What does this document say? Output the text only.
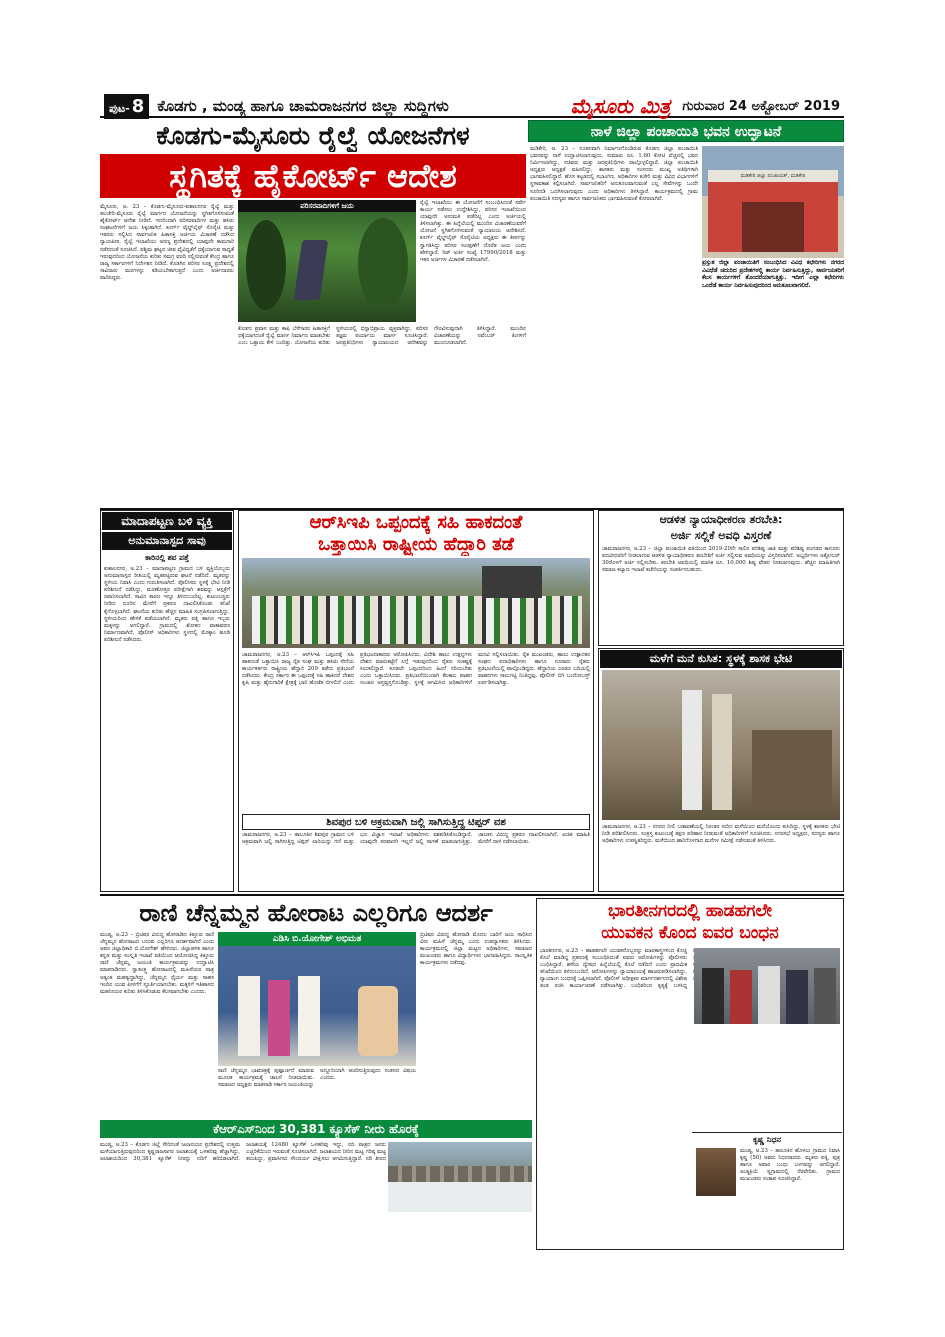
ಪುಟ- 8 ಕೊಡಗು , ಮಂಡ್ಯ ಹಾಗೂ ಚಾಮರಾಜನಗರ ಜಿಲ್ಲಾ ಸುದ್ದಿಗಳು	ಮೈಸೂರು ಮಿತ್ರ ಗುರುವಾರ 24 ಅಕ್ಟೋಬರ್ 2019
ಕೊಡಗು-ಮೈಸೂರು ರೈಲ್ವೆ ಯೋಜನೆಗಳ
ಸ್ಥಗಿತಕ್ಕೆ ಹೈಕೋರ್ಟ್ ಆದೇಶ
ಮೈಸೂರು, ಅ. 23 – ಕೊಡಗು-ಮೈಸೂರು-ಕುಶಾಲನಗರ ರೈಲ್ವೆ ಮತ್ತು ತಲಚೇರಿ-ಮೈಸೂರು ರೈಲ್ವೆ ಮಾರ್ಗದ ಯೋಜನೆಯನ್ನು ಸ್ಥಗಿತಗೊಳಿಸುವಂತೆ ಹೈಕೋರ್ಟ್ ಆದೇಶ ನೀಡಿದೆ. ಇದರಿಂದಾಗಿ ಪರಿಸರವಾದಿಗಳ ಮತ್ತು ಹಸಿರು ಸಂಘಟನೆಗಳಿಗೆ ಜಯ ಸಿಕ್ಕಂತಾಗಿದೆ. ಕೂರ್ಗ್ ವೈಲ್ಡ್‌ಲೈಫ್ ಸೊಸೈಟಿ ಮತ್ತು ಇತರರು ಸಲ್ಲಿಸಿದ ಸಾರ್ವಜನಿಕ ಹಿತಾಸಕ್ತಿ ಅರ್ಜಿಯ ವಿಚಾರಣೆ ನಡೆಸಿದ ನ್ಯಾಯಪೀಠ, ರೈಲ್ವೆ ಇಲಾಖೆಯು ಅರಣ್ಯ ಪ್ರದೇಶದಲ್ಲಿ ಯಾವುದೇ ಕಾಮಗಾರಿ ನಡೆಸದಂತೆ ಸೂಚಿಸಿದೆ. ಪಶ್ಚಿಮ ಘಟ್ಟದ ಜೀವ ವೈವಿಧ್ಯತೆಗೆ ಧಕ್ಕೆಯಾಗುವ ಸಾಧ್ಯತೆ ಇರುವುದರಿಂದ ಯೋಜನೆಯ ಕುರಿತು ಸಮಗ್ರ ವರದಿ ಸಲ್ಲಿಸುವಂತೆ ಕೇಂದ್ರ ಹಾಗೂ ರಾಜ್ಯ ಸರ್ಕಾರಗಳಿಗೆ ನಿರ್ದೇಶನ ನೀಡಿದೆ. ಕೊಡಗಿನ ಪರಿಸರ ಸೂಕ್ಷ್ಮ ಪ್ರದೇಶದಲ್ಲಿ ಸಾವಿರಾರು ಮರಗಳನ್ನು ಕಡಿಯಬೇಕಾಗುತ್ತದೆ ಎಂದು ಅರ್ಜಿದಾರರು ವಾದಿಸಿದ್ದರು.
ಪರಿಸರವಾದಿಗಳಿಗೆ ಜಯ	ರೈಲ್ವೆ ಇಲಾಖೆಯು ಈ ಯೋಜನೆಗೆ ಸಂಬಂಧಿಸಿದಂತೆ ಸರ್ವೇ ಕಾರ್ಯ ನಡೆಸಲು ಉದ್ದೇಶಿಸಿದ್ದು, ಪರಿಸರ ಇಲಾಖೆಯಿಂದ ಯಾವುದೇ ಅನುಮತಿ ಪಡೆದಿಲ್ಲ ಎಂದು ಅರ್ಜಿಯಲ್ಲಿ ತಿಳಿಸಲಾಗಿತ್ತು. ಈ ಹಿನ್ನೆಲೆಯಲ್ಲಿ ಮುಂದಿನ ವಿಚಾರಣೆಯವರೆಗೆ ಯೋಜನೆ ಸ್ಥಗಿತಗೊಳಿಸುವಂತೆ ನ್ಯಾಯಾಲಯ ಆದೇಶಿಸಿದೆ. ಕೂರ್ಗ್ ವೈಲ್ಡ್‌ಲೈಫ್ ಸೊಸೈಟಿಯ ಅಧ್ಯಕ್ಷರು ಈ ತೀರ್ಪನ್ನು ಸ್ವಾಗತಿಸಿದ್ದು ಪರಿಸರ ಸಂರಕ್ಷಣೆಗೆ ದೊರೆತ ಜಯ ಎಂದು ಹೇಳಿದ್ದಾರೆ. ರಿಟ್ ಅರ್ಜಿ ಸಂಖ್ಯೆ 17990/2018 ಮತ್ತು ಇತರ ಅರ್ಜಿಗಳ ವಿಚಾರಣೆ ನಡೆಸಲಾಗಿದೆ.
ಕೊಡಗು ಪ್ರವಾಸ ಮತ್ತು ಕಾಫಿ ಬೆಳೆಗಾರರ ಹಿತಾಸಕ್ತಿಗೆ ಧಕ್ಕೆಯಾಗದಂತೆ ರೈಲ್ವೆ ಮಾರ್ಗ ನಿರ್ಮಾಣ ಮಾಡಬೇಕು ಎಂಬ ಒತ್ತಾಯ ಕೇಳಿ ಬಂದಿತ್ತು. ಯೋಜನೆಯ ಕುರಿತು ಸ್ಥಳೀಯರಲ್ಲಿ ಭಿನ್ನಾಭಿಪ್ರಾಯ ವ್ಯಕ್ತವಾಗಿದ್ದು, ಪರಿಸರ ತಜ್ಞರು ಪರ್ಯಾಯ ಮಾರ್ಗ ಸೂಚಿಸಿದ್ದಾರೆ. ಜನಪ್ರತಿನಿಧಿಗಳು ನ್ಯಾಯಾಲಯದ ಆದೇಶವನ್ನು ಗೌರವಿಸುವುದಾಗಿ ತಿಳಿಸಿದ್ದಾರೆ. ಮುಂದಿನ ವಿಚಾರಣೆಯನ್ನು ನವೆಂಬರ್ ತಿಂಗಳಿಗೆ ಮುಂದೂಡಲಾಗಿದೆ.
ನಾಳೆ ಜಿಲ್ಲಾ ಪಂಚಾಯಿತಿ ಭವನ ಉದ್ಘಾಟನೆ
ಮಡಿಕೇರಿ, ಅ. 23 – ನೂತನವಾಗಿ ನಿರ್ಮಾಣಗೊಂಡಿರುವ ಕೊಡಗು ಜಿಲ್ಲಾ ಪಂಚಾಯಿತಿ ಭವನವನ್ನು ನಾಳೆ ಉದ್ಘಾಟಿಸಲಾಗುವುದು. ಸುಮಾರು ರೂ. 1.60 ಕೋಟಿ ವೆಚ್ಚದಲ್ಲಿ ಭವನ ನಿರ್ಮಿಸಲಾಗಿದ್ದು, ಸಚಿವರು ಮತ್ತು ಜನಪ್ರತಿನಿಧಿಗಳು ಪಾಲ್ಗೊಳ್ಳಲಿದ್ದಾರೆ. ಜಿಲ್ಲಾ ಪಂಚಾಯಿತಿ ಅಧ್ಯಕ್ಷರು ಅಧ್ಯಕ್ಷತೆ ವಹಿಸಲಿದ್ದು, ಶಾಸಕರು ಮತ್ತು ಸಂಸದರು ಮುಖ್ಯ ಅತಿಥಿಗಳಾಗಿ ಭಾಗವಹಿಸಲಿದ್ದಾರೆ. ಹೊಸ ಕಟ್ಟಡದಲ್ಲಿ ಸಭಾಂಗಣ, ಅಧಿಕಾರಿಗಳ ಕಚೇರಿ ಮತ್ತು ವಿವಿಧ ವಿಭಾಗಗಳಿಗೆ ಸ್ಥಳಾವಕಾಶ ಕಲ್ಪಿಸಲಾಗಿದೆ. ಸಾರ್ವಜನಿಕರಿಗೆ ಅನುಕೂಲವಾಗುವಂತೆ ಎಲ್ಲ ಸೇವೆಗಳನ್ನು ಒಂದೇ ಸೂರಿನಡಿ ಒದಗಿಸಲಾಗುವುದು ಎಂದು ಅಧಿಕಾರಿಗಳು ತಿಳಿಸಿದ್ದಾರೆ. ಕಾರ್ಯಕ್ರಮದಲ್ಲಿ ಗ್ರಾಮ ಪಂಚಾಯಿತಿ ಸದಸ್ಯರು ಹಾಗೂ ಸಾರ್ವಜನಿಕರು ಭಾಗವಹಿಸುವಂತೆ ಕೋರಲಾಗಿದೆ.
ಮಡಿಕೇರಿ ಜಿಲ್ಲಾ ಪಂಚಾಯತ್, ಮಡಿಕೇರಿ
ಪ್ರಸ್ತುತ ಜಿಲ್ಲಾ ಪಂಚಾಯಿತಿಗೆ ಸಂಬಂಧಿಸಿದ ವಿವಿಧ ಕಛೇರಿಗಳು ನಗರದ ವಿವಿಧೆಡೆ ಚದುರಿದ ಪ್ರದೇಶಗಳಲ್ಲಿ ಕಾರ್ಯ ನಿರ್ವಹಿಸುತ್ತಿದ್ದು, ಸಾರ್ವಜನಿಕರಿಗೆ ಕೆಲಸ ಕಾರ್ಯಗಳಿಗೆ ತೊಂದರೆಯಾಗುತ್ತಿತ್ತು. ಇದೀಗ ಎಲ್ಲಾ ಕಛೇರಿಗಳು ಒಂದೆಡೆ ಕಾರ್ಯ ನಿರ್ವಹಿಸುವುದರಿಂದ ಅನುಕೂಲವಾಗಲಿದೆ.
ಮಾದಾಪಟ್ಟಣ ಬಳಿ ವ್ಯಕ್ತಿ
ಅನುಮಾನಾಸ್ಪದ ಸಾವು
ಕಾರಿನಲ್ಲಿ ಶವ ಪತ್ತೆ
ಕುಶಾಲನಗರ, ಅ.23 – ಮಾದಾಪಟ್ಟಣ ಗ್ರಾಮದ ಬಳಿ ವ್ಯಕ್ತಿಯೊಬ್ಬರು ಅನುಮಾನಾಸ್ಪದ ರೀತಿಯಲ್ಲಿ ಮೃತಪಟ್ಟಿರುವ ಘಟನೆ ನಡೆದಿದೆ. ಮೃತರನ್ನು ಸ್ಥಳೀಯ ನಿವಾಸಿ ಎಂದು ಗುರುತಿಸಲಾಗಿದೆ. ಪೊಲೀಸರು ಸ್ಥಳಕ್ಕೆ ಭೇಟಿ ನೀಡಿ ಪರಿಶೀಲನೆ ನಡೆಸಿದ್ದು, ಮರಣೋತ್ತರ ಪರೀಕ್ಷೆಗಾಗಿ ಶವವನ್ನು ಆಸ್ಪತ್ರೆಗೆ ರವಾನಿಸಲಾಗಿದೆ. ಸಾವಿನ ಕಾರಣ ಇನ್ನೂ ತಿಳಿದುಬಂದಿಲ್ಲ. ಕುಟುಂಬಸ್ಥರು ನೀಡಿದ ದೂರಿನ ಮೇರೆಗೆ ಪ್ರಕರಣ ದಾಖಲಿಸಿಕೊಂಡು ತನಿಖೆ ಕೈಗೊಳ್ಳಲಾಗಿದೆ. ಘಟನೆಯ ಕುರಿತು ಹೆಚ್ಚಿನ ಮಾಹಿತಿ ಸಂಗ್ರಹಿಸಲಾಗುತ್ತಿದ್ದು, ಸ್ಥಳೀಯರಿಂದ ಹೇಳಿಕೆ ಪಡೆಯಲಾಗಿದೆ. ಮೃತರು ಪತ್ನಿ ಹಾಗೂ ಇಬ್ಬರು ಮಕ್ಕಳನ್ನು ಅಗಲಿದ್ದಾರೆ. ಗ್ರಾಮದಲ್ಲಿ ಶೋಕದ ವಾತಾವರಣ ನಿರ್ಮಾಣವಾಗಿದೆ. ಪೊಲೀಸ್ ಅಧಿಕಾರಿಗಳು ಸ್ಥಳದಲ್ಲಿ ಮೊಕ್ಕಾಂ ಹೂಡಿ ಪರಿಶೀಲನೆ ನಡೆಸಿದರು.
ಆರ್‌ಸಿಇಪಿ ಒಪ್ಪಂದಕ್ಕೆ ಸಹಿ ಹಾಕದಂತೆ
ಒತ್ತಾಯಿಸಿ ರಾಷ್ಟ್ರೀಯ ಹೆದ್ದಾರಿ ತಡೆ
ಚಾಮರಾಜನಗರ, ಅ.23 – ಆರ್‌ಸಿಇಪಿ ಒಪ್ಪಂದಕ್ಕೆ ಸಹಿ ಹಾಕದಂತೆ ಒತ್ತಾಯಿಸಿ ರಾಜ್ಯ ರೈತ ಸಂಘ ಮತ್ತು ಹಸಿರು ಸೇನೆಯ ಕಾರ್ಯಕರ್ತರು ರಾಷ್ಟ್ರೀಯ ಹೆದ್ದಾರಿ 209 ತಡೆದು ಪ್ರತಿಭಟನೆ ನಡೆಸಿದರು. ಕೇಂದ್ರ ಸರ್ಕಾರ ಈ ಒಪ್ಪಂದಕ್ಕೆ ಸಹಿ ಹಾಕಿದರೆ ದೇಶದ ಕೃಷಿ ಮತ್ತು ಹೈನುಗಾರಿಕೆ ಕ್ಷೇತ್ರಕ್ಕೆ ಭಾರಿ ಹೊಡೆತ ಬೀಳಲಿದೆ ಎಂದು ಪ್ರತಿಭಟನಾಕಾರರು ಆರೋಪಿಸಿದರು. ವಿದೇಶಿ ಹಾಲು ಉತ್ಪನ್ನಗಳು ದೇಶದ ಮಾರುಕಟ್ಟೆಗೆ ಲಗ್ಗೆ ಇಡುವುದರಿಂದ ರೈತರು ಸಂಕಷ್ಟಕ್ಕೆ ಸಿಲುಕಲಿದ್ದಾರೆ. ಕೂಡಲೇ ಒಪ್ಪಂದದಿಂದ ಹಿಂದೆ ಸರಿಯಬೇಕು ಎಂದು ಒತ್ತಾಯಿಸಿದರು. ಪ್ರತಿಭಟನೆಯಿಂದಾಗಿ ಕೆಲಕಾಲ ವಾಹನ ಸಂಚಾರ ಅಸ್ತವ್ಯಸ್ತಗೊಂಡಿತ್ತು. ಸ್ಥಳಕ್ಕೆ ಆಗಮಿಸಿದ ಅಧಿಕಾರಿಗಳಿಗೆ ಮನವಿ ಸಲ್ಲಿಸಲಾಯಿತು. ರೈತ ಮುಖಂಡರು, ಹಾಲು ಉತ್ಪಾದಕರ ಸಂಘದ ಪದಾಧಿಕಾರಿಗಳು ಹಾಗೂ ನೂರಾರು ರೈತರು ಪ್ರತಿಭಟನೆಯಲ್ಲಿ ಪಾಲ್ಗೊಂಡಿದ್ದರು. ಹೆದ್ದಾರಿಯ ಎರಡೂ ಬದಿಯಲ್ಲಿ ವಾಹನಗಳು ಸಾಲುಗಟ್ಟಿ ನಿಂತಿದ್ದವು. ಪೊಲೀಸ್ ಬಿಗಿ ಬಂದೋಬಸ್ತ್ ಏರ್ಪಡಿಸಲಾಗಿತ್ತು.
ಶಿವಪುರ ಬಳಿ ಅಕ್ರಮವಾಗಿ ಜಲ್ಲಿ ಸಾಗಿಸುತ್ತಿದ್ದ ಟಿಪ್ಪರ್ ವಶ
ಚಾಮರಾಜನಗರ, ಅ.23 – ತಾಲೂಕಿನ ಶಿವಪುರ ಗ್ರಾಮದ ಬಳಿ ಅಕ್ರಮವಾಗಿ ಜಲ್ಲಿ ಸಾಗಿಸುತ್ತಿದ್ದ ಟಿಪ್ಪರ್ ಲಾರಿಯನ್ನು ಗಣಿ ಮತ್ತು ಭೂ ವಿಜ್ಞಾನ ಇಲಾಖೆ ಅಧಿಕಾರಿಗಳು ವಶಪಡಿಸಿಕೊಂಡಿದ್ದಾರೆ. ಯಾವುದೇ ಪರವಾನಗಿ ಇಲ್ಲದೆ ಜಲ್ಲಿ ಸಾಗಣೆ ಮಾಡಲಾಗುತ್ತಿತ್ತು. ಚಾಲಕನ ವಿರುದ್ಧ ಪ್ರಕರಣ ದಾಖಲಿಸಲಾಗಿದೆ. ಖಚಿತ ಮಾಹಿತಿ ಮೇರೆಗೆ ದಾಳಿ ನಡೆಸಲಾಯಿತು.
ಆಡಳಿತ ನ್ಯಾಯಾಧೀಕರಣ ತರಬೇತಿ:
ಅರ್ಜಿ ಸಲ್ಲಿಕೆ ಅವಧಿ ವಿಸ್ತರಣೆ
ಚಾಮರಾಜನಗರ, ಅ.23 – ಜಿಲ್ಲಾ ಪಂಚಾಯಿತಿ ವತಿಯಿಂದ 2019-20ನೇ ಸಾಲಿನ ಪರಿಶಿಷ್ಟ ಜಾತಿ ಮತ್ತು ಪರಿಶಿಷ್ಟ ಪಂಗಡದ ಕಾನೂನು ಪದವೀಧರರಿಗೆ ನೀಡಲಾಗುವ ಆಡಳಿತ ನ್ಯಾಯಾಧೀಕರಣ ತರಬೇತಿಗೆ ಅರ್ಜಿ ಸಲ್ಲಿಸುವ ಅವಧಿಯನ್ನು ವಿಸ್ತರಿಸಲಾಗಿದೆ. ಅಭ್ಯರ್ಥಿಗಳು ಅಕ್ಟೋಬರ್ 30ರೊಳಗೆ ಅರ್ಜಿ ಸಲ್ಲಿಸಬೇಕು. ತರಬೇತಿ ಅವಧಿಯಲ್ಲಿ ಮಾಸಿಕ ರೂ. 10,000 ಶಿಷ್ಯ ವೇತನ ನೀಡಲಾಗುವುದು. ಹೆಚ್ಚಿನ ಮಾಹಿತಿಗಾಗಿ ಸಮಾಜ ಕಲ್ಯಾಣ ಇಲಾಖೆ ಕಚೇರಿಯನ್ನು ಸಂಪರ್ಕಿಸಬಹುದು.
ಮಳೆಗೆ ಮನೆ ಕುಸಿತ: ಸ್ಥಳಕ್ಕೆ ಶಾಸಕ ಭೇಟಿ
ಚಾಮರಾಜನಗರ, ಅ.23 – ನಗರದ ನೀಲಿ ಬಡಾವಣೆಯಲ್ಲಿ ನಿರಂತರ ಸುರಿದ ಮಳೆಯಿಂದ ಮನೆಯೊಂದು ಕುಸಿದಿದ್ದು, ಸ್ಥಳಕ್ಕೆ ಶಾಸಕರು ಭೇಟಿ ನೀಡಿ ಪರಿಶೀಲಿಸಿದರು. ಸಂತ್ರಸ್ತ ಕುಟುಂಬಕ್ಕೆ ತಕ್ಷಣ ಪರಿಹಾರ ನೀಡುವಂತೆ ಅಧಿಕಾರಿಗಳಿಗೆ ಸೂಚಿಸಿದರು. ನಗರಸಭೆ ಅಧ್ಯಕ್ಷರು, ಸದಸ್ಯರು ಹಾಗೂ ಅಧಿಕಾರಿಗಳು ಉಪಸ್ಥಿತರಿದ್ದರು. ಮಳೆಯಿಂದ ಹಾನಿಗೊಳಗಾದ ಮನೆಗಳ ಸಮೀಕ್ಷೆ ನಡೆಸುವಂತೆ ತಿಳಿಸಿದರು.
ರಾಣಿ ಚೆನ್ನಮ್ಮನ ಹೋರಾಟ ಎಲ್ಲರಿಗೂ ಆದರ್ಶ
ಮಂಡ್ಯ, ಅ.23 – ಬ್ರಿಟಿಷರ ವಿರುದ್ಧ ಹೋರಾಡಿದ ಕಿತ್ತೂರು ರಾಣಿ ಚೆನ್ನಮ್ಮನ ಹೋರಾಟದ ಬದುಕು ಎಲ್ಲರಿಗೂ ಆದರ್ಶವಾಗಿದೆ ಎಂದು ಅಪರ ಜಿಲ್ಲಾಧಿಕಾರಿ ಬಿ.ಯೋಗೇಶ್ ಹೇಳಿದರು. ಜಿಲ್ಲಾಡಳಿತ ಹಾಗೂ ಕನ್ನಡ ಮತ್ತು ಸಂಸ್ಕೃತಿ ಇಲಾಖೆ ವತಿಯಿಂದ ಆಯೋಜಿಸಿದ್ದ ಕಿತ್ತೂರು ರಾಣಿ ಚೆನ್ನಮ್ಮ ಜಯಂತಿ ಕಾರ್ಯಕ್ರಮವನ್ನು ಉದ್ಘಾಟಿಸಿ ಮಾತನಾಡಿದರು. ಸ್ವಾತಂತ್ರ್ಯ ಹೋರಾಟದಲ್ಲಿ ಮಹಿಳೆಯರ ಪಾತ್ರ ಅತ್ಯಂತ ಮಹತ್ವದ್ದಾಗಿದ್ದು, ಚೆನ್ನಮ್ಮನ ಧೈರ್ಯ ಮತ್ತು ಸಾಹಸ ಇಂದಿನ ಯುವ ಪೀಳಿಗೆಗೆ ಸ್ಫೂರ್ತಿಯಾಗಬೇಕು. ಮಕ್ಕಳಿಗೆ ಇತಿಹಾಸದ ಮಹನೀಯರ ಕುರಿತು ತಿಳಿಸಿಕೊಡುವ ಕೆಲಸವಾಗಬೇಕು ಎಂದರು.
ಎಡಿಸಿ ಬಿ.ಯೋಗೇಶ್ ಅಭಿಮತ	ಬ್ರಿಟಿಷರ ವಿರುದ್ಧ ಹೋರಾಡಿ ಮೊದಲ ಬಾರಿಗೆ ಜಯ ಸಾಧಿಸಿದ ವೀರ ಮಹಿಳೆ ಚೆನ್ನಮ್ಮ ಎಂದು ಉಪನ್ಯಾಸಕರು ತಿಳಿಸಿದರು. ಕಾರ್ಯಕ್ರಮದಲ್ಲಿ ಜಿಲ್ಲಾ ಮಟ್ಟದ ಅಧಿಕಾರಿಗಳು, ಸಮಾಜದ ಮುಖಂಡರು ಹಾಗೂ ವಿದ್ಯಾರ್ಥಿಗಳು ಭಾಗವಹಿಸಿದ್ದರು. ಸಾಂಸ್ಕೃತಿಕ ಕಾರ್ಯಕ್ರಮಗಳು ನಡೆದವು.
ರಾಣಿ ಚೆನ್ನಮ್ಮನ ಭಾವಚಿತ್ರಕ್ಕೆ ಪುಷ್ಪಾರ್ಚನೆ ಮಾಡುವ ಮೂಲಕ ಕಾರ್ಯಕ್ರಮಕ್ಕೆ ಚಾಲನೆ ನೀಡಲಾಯಿತು. ಸಮಾಜದ ಅಧ್ಯಕ್ಷರು ಮಾತನಾಡಿ ಸರ್ಕಾರ ಜಯಂತಿಯನ್ನು ಅದ್ದೂರಿಯಾಗಿ ಆಚರಿಸುತ್ತಿರುವುದು ಸಂತಸದ ವಿಷಯ ಎಂದರು.
ಕೆಆರ್‌ಎಸ್‌ನಿಂದ 30,381 ಕ್ಯೂಸೆಕ್ ನೀರು ಹೊರಕ್ಕೆ
ಮಂಡ್ಯ, ಅ.23 – ಕೊಡಗು ಜಿಲ್ಲೆ ಸೇರಿದಂತೆ ಜಲಾನಯನ ಪ್ರದೇಶದಲ್ಲಿ ಉತ್ತಮ ಮಳೆಯಾಗುತ್ತಿರುವುದರಿಂದ ಕೃಷ್ಣರಾಜಸಾಗರ ಜಲಾಶಯಕ್ಕೆ ಒಳಹರಿವು ಹೆಚ್ಚಾಗಿದ್ದು, ಜಲಾಶಯದಿಂದ 30,381 ಕ್ಯೂಸೆಕ್ ನೀರನ್ನು ನದಿಗೆ ಹರಿಬಿಡಲಾಗಿದೆ. ಜಲಾಶಯಕ್ಕೆ 12480 ಕ್ಯೂಸೆಕ್ ಒಳಹರಿವು ಇದ್ದು, ನದಿ ಪಾತ್ರದ ಜನರು ಎಚ್ಚರಿಕೆಯಿಂದ ಇರುವಂತೆ ಸೂಚಿಸಲಾಗಿದೆ. ಜಲಾಶಯದ ನೀರಿನ ಮಟ್ಟ ಗರಿಷ್ಠ ಮಟ್ಟ ತಲುಪಿದ್ದು, ಪ್ರವಾಸಿಗರು ಸೌಂದರ್ಯ ವೀಕ್ಷಿಸಲು ಆಗಮಿಸುತ್ತಿದ್ದಾರೆ. ನದಿ ತೀರದ
ಭಾರತೀನಗರದಲ್ಲಿ ಹಾಡಹಗಲೇ
ಯುವಕನ ಕೊಂದ ಐವರ ಬಂಧನ
ಭಾರತೀನಗರ, ಅ.23 – ಹಾಡಹಗಲೇ ಯುವಕನೊಬ್ಬನನ್ನು ಮಾರಕಾಸ್ತ್ರಗಳಿಂದ ಕೊಚ್ಚಿ ಕೊಲೆ ಮಾಡಿದ್ದ ಪ್ರಕರಣಕ್ಕೆ ಸಂಬಂಧಿಸಿದಂತೆ ಐವರು ಆರೋಪಿಗಳನ್ನು ಪೊಲೀಸರು ಬಂಧಿಸಿದ್ದಾರೆ. ಹಳೆಯ ದ್ವೇಷದ ಹಿನ್ನೆಲೆಯಲ್ಲಿ ಕೊಲೆ ನಡೆದಿದೆ ಎಂದು ಪ್ರಾಥಮಿಕ ತನಿಖೆಯಿಂದ ತಿಳಿದುಬಂದಿದೆ. ಆರೋಪಿಗಳನ್ನು ನ್ಯಾಯಾಲಯಕ್ಕೆ ಹಾಜರುಪಡಿಸಲಾಗಿದ್ದು, ನ್ಯಾಯಾಂಗ ಬಂಧನಕ್ಕೆ ಒಪ್ಪಿಸಲಾಗಿದೆ. ಪೊಲೀಸ್ ಅಧೀಕ್ಷಕರ ಮಾರ್ಗದರ್ಶನದಲ್ಲಿ ವಿಶೇಷ ತಂಡ ರಚಿಸಿ ಕಾರ್ಯಾಚರಣೆ ನಡೆಸಲಾಗಿತ್ತು. ಬಂಧಿತರಿಂದ ಕೃತ್ಯಕ್ಕೆ ಬಳಸಿದ್ದ
ಕೃಷ್ಣ ನಿಧನ
ಮಂಡ್ಯ, ಅ.23 – ತಾಲೂಕಿನ ಹೊಳಲು ಗ್ರಾಮದ ನಿವಾಸಿ ಕೃಷ್ಣ (50) ಅವರು ನಿಧನರಾದರು. ಮೃತರು ಪತ್ನಿ, ಪುತ್ರ ಹಾಗೂ ಅಪಾರ ಬಂಧು ಬಳಗವನ್ನು ಅಗಲಿದ್ದಾರೆ. ಅಂತ್ಯಕ್ರಿಯೆ ಸ್ವಗ್ರಾಮದಲ್ಲಿ ನೆರವೇರಿತು. ಗ್ರಾಮದ ಮುಖಂಡರು ಸಂತಾಪ ಸೂಚಿಸಿದ್ದಾರೆ.
